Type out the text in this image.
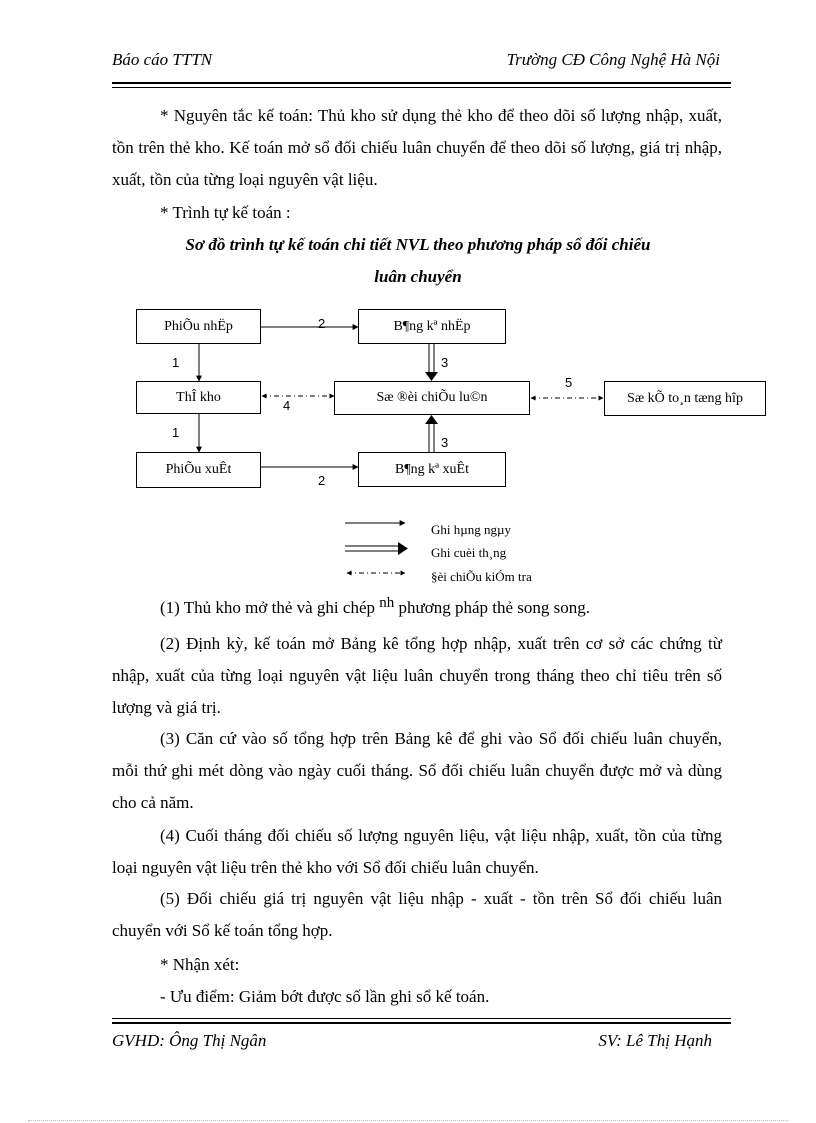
Báo cáo TTTN	Trường CĐ Công Nghệ Hà Nội
* Nguyên tắc kế toán: Thủ kho sử dụng thẻ kho để theo dõi số lượng nhập, xuất, tồn trên thẻ kho. Kế toán mở sổ đối chiếu luân chuyển để theo dõi số lượng, giá trị nhập, xuất, tồn của từng loại nguyên vật liệu.
* Trình tự kế toán :
Sơ đồ trình tự kế toán chi tiết NVL theo phương pháp sổ đối chiếu
luân chuyển
PhiÕu nhËp	B¶ng kª nhËp
ThÎ kho	Sæ ®èi chiÕu lu©n	Sæ kÕ to¸n tæng hîp
PhiÕu xuÊt	B¶ng kª xuÊt
1
1
2
2
3
3
4
5
Ghi hµng ngµy
Ghi cuèi th¸ng
§èi chiÕu kiÓm tra
(1) Thủ kho mở thẻ và ghi chép nh phương pháp thẻ song song.
(2) Định kỳ, kế toán mở Bảng kê tổng hợp nhập, xuất trên cơ sở các chứng từ nhập, xuất của từng loại nguyên vật liệu luân chuyển trong tháng theo chỉ tiêu trên số lượng và giá trị.
(3) Căn cứ vào số tổng hợp trên Bảng kê để ghi vào Sổ đối chiếu luân chuyển, mỗi thứ ghi mét dòng vào ngày cuối tháng. Sổ đối chiếu luân chuyển được mở và dùng cho cả năm.
(4) Cuối tháng đối chiếu số lượng nguyên liệu, vật liệu nhập, xuất, tồn của từng loại nguyên vật liệu trên thẻ kho với Sổ đối chiếu luân chuyển.
(5) Đối chiếu giá trị nguyên vật liệu nhập - xuất - tồn trên Sổ đối chiếu luân chuyển với Sổ kế toán tổng hợp.
* Nhận xét:
- Ưu điểm: Giảm bớt được số lần ghi sổ kế toán.
GVHD: Ông Thị Ngân	SV: Lê Thị Hạnh
